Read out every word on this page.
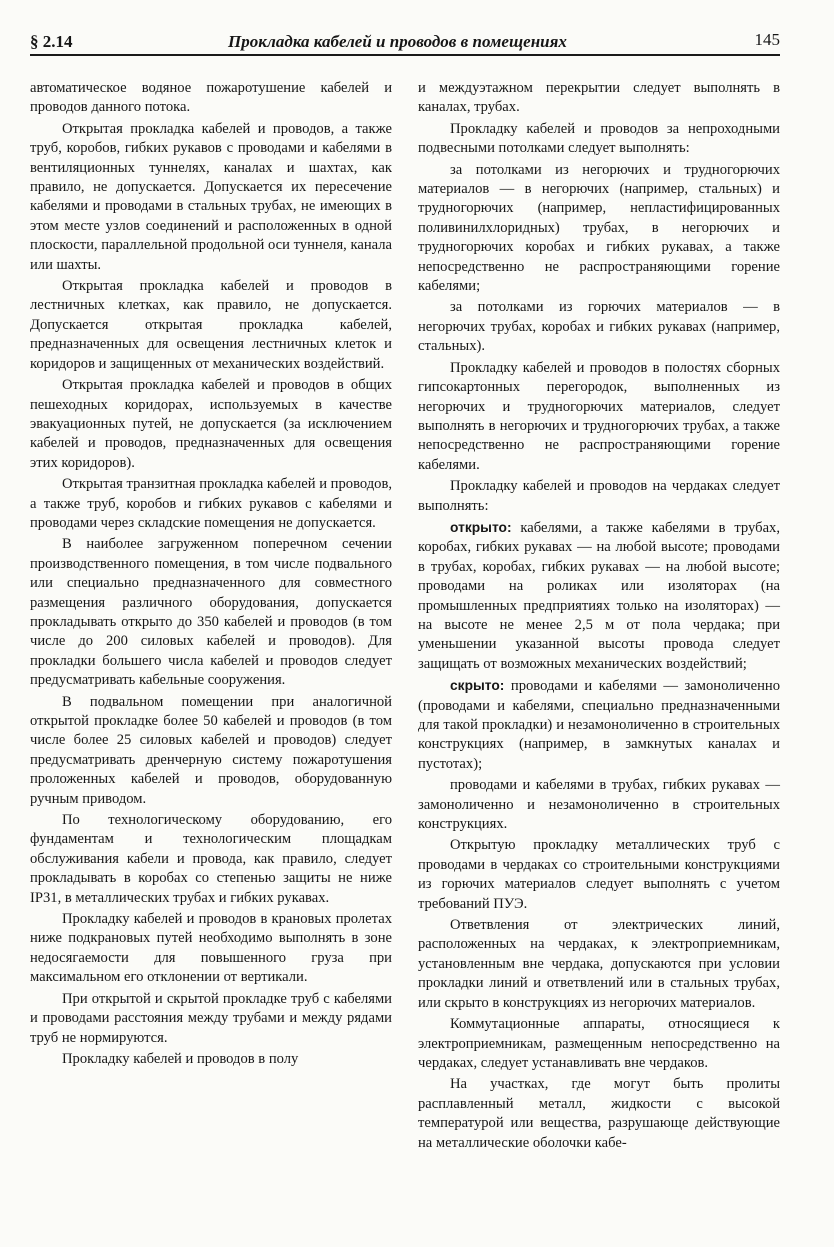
§ 2.14	Прокладка кабелей и проводов в помещениях	145

автоматическое водяное пожаротушение кабелей и проводов данного потока.

Открытая прокладка кабелей и проводов, а также труб, коробов, гибких рукавов с проводами и кабелями в вентиляционных туннелях, каналах и шахтах, как правило, не допускается. Допускается их пересечение кабелями и проводами в стальных трубах, не имеющих в этом месте узлов соединений и расположенных в одной плоскости, параллельной продольной оси туннеля, канала или шахты.

Открытая прокладка кабелей и проводов в лестничных клетках, как правило, не допускается. Допускается открытая прокладка кабелей, предназначенных для освещения лестничных клеток и коридоров и защищенных от механических воздействий.

Открытая прокладка кабелей и проводов в общих пешеходных коридорах, используемых в качестве эвакуационных путей, не допускается (за исключением кабелей и проводов, предназначенных для освещения этих коридоров).

Открытая транзитная прокладка кабелей и проводов, а также труб, коробов и гибких рукавов с кабелями и проводами через складские помещения не допускается.

В наиболее загруженном поперечном сечении производственного помещения, в том числе подвального или специально предназначенного для совместного размещения различного оборудования, допускается прокладывать открыто до 350 кабелей и проводов (в том числе до 200 силовых кабелей и проводов). Для прокладки большего числа кабелей и проводов следует предусматривать кабельные сооружения.

В подвальном помещении при аналогичной открытой прокладке более 50 кабелей и проводов (в том числе более 25 силовых кабелей и проводов) следует предусматривать дренчерную систему пожаротушения проложенных кабелей и проводов, оборудованную ручным приводом.

По технологическому оборудованию, его фундаментам и технологическим площадкам обслуживания кабели и провода, как правило, следует прокладывать в коробах со степенью защиты не ниже IP31, в металлических трубах и гибких рукавах.

Прокладку кабелей и проводов в крановых пролетах ниже подкрановых путей необходимо выполнять в зоне недосягаемости для повышенного груза при максимальном его отклонении от вертикали.

При открытой и скрытой прокладке труб с кабелями и проводами расстояния между трубами и между рядами труб не нормируются.

Прокладку кабелей и проводов в полу

и междуэтажном перекрытии следует выполнять в каналах, трубах.

Прокладку кабелей и проводов за непроходными подвесными потолками следует выполнять:

за потолками из негорючих и трудногорючих материалов — в негорючих (например, стальных) и трудногорючих (например, непластифицированных поливинилхлоридных) трубах, в негорючих и трудногорючих коробах и гибких рукавах, а также непосредственно не распространяющими горение кабелями;

за потолками из горючих материалов — в негорючих трубах, коробах и гибких рукавах (например, стальных).

Прокладку кабелей и проводов в полостях сборных гипсокартонных перегородок, выполненных из негорючих и трудногорючих материалов, следует выполнять в негорючих и трудногорючих трубах, а также непосредственно не распространяющими горение кабелями.

Прокладку кабелей и проводов на чердаках следует выполнять:

открыто: кабелями, а также кабелями в трубах, коробах, гибких рукавах — на любой высоте; проводами в трубах, коробах, гибких рукавах — на любой высоте; проводами на роликах или изоляторах (на промышленных предприятиях только на изоляторах) — на высоте не менее 2,5 м от пола чердака; при уменьшении указанной высоты провода следует защищать от возможных механических воздействий;

скрыто: проводами и кабелями — замоноличенно (проводами и кабелями, специально предназначенными для такой прокладки) и незамоноличенно в строительных конструкциях (например, в замкнутых каналах и пустотах);

проводами и кабелями в трубах, гибких рукавах — замоноличенно и незамоноличенно в строительных конструкциях.

Открытую прокладку металлических труб с проводами в чердаках со строительными конструкциями из горючих материалов следует выполнять с учетом требований ПУЭ.

Ответвления от электрических линий, расположенных на чердаках, к электроприемникам, установленным вне чердака, допускаются при условии прокладки линий и ответвлений или в стальных трубах, или скрыто в конструкциях из негорючих материалов.

Коммутационные аппараты, относящиеся к электроприемникам, размещенным непосредственно на чердаках, следует устанавливать вне чердаков.

На участках, где могут быть пролиты расплавленный металл, жидкости с высокой температурой или вещества, разрушающе действующие на металлические оболочки кабе-
